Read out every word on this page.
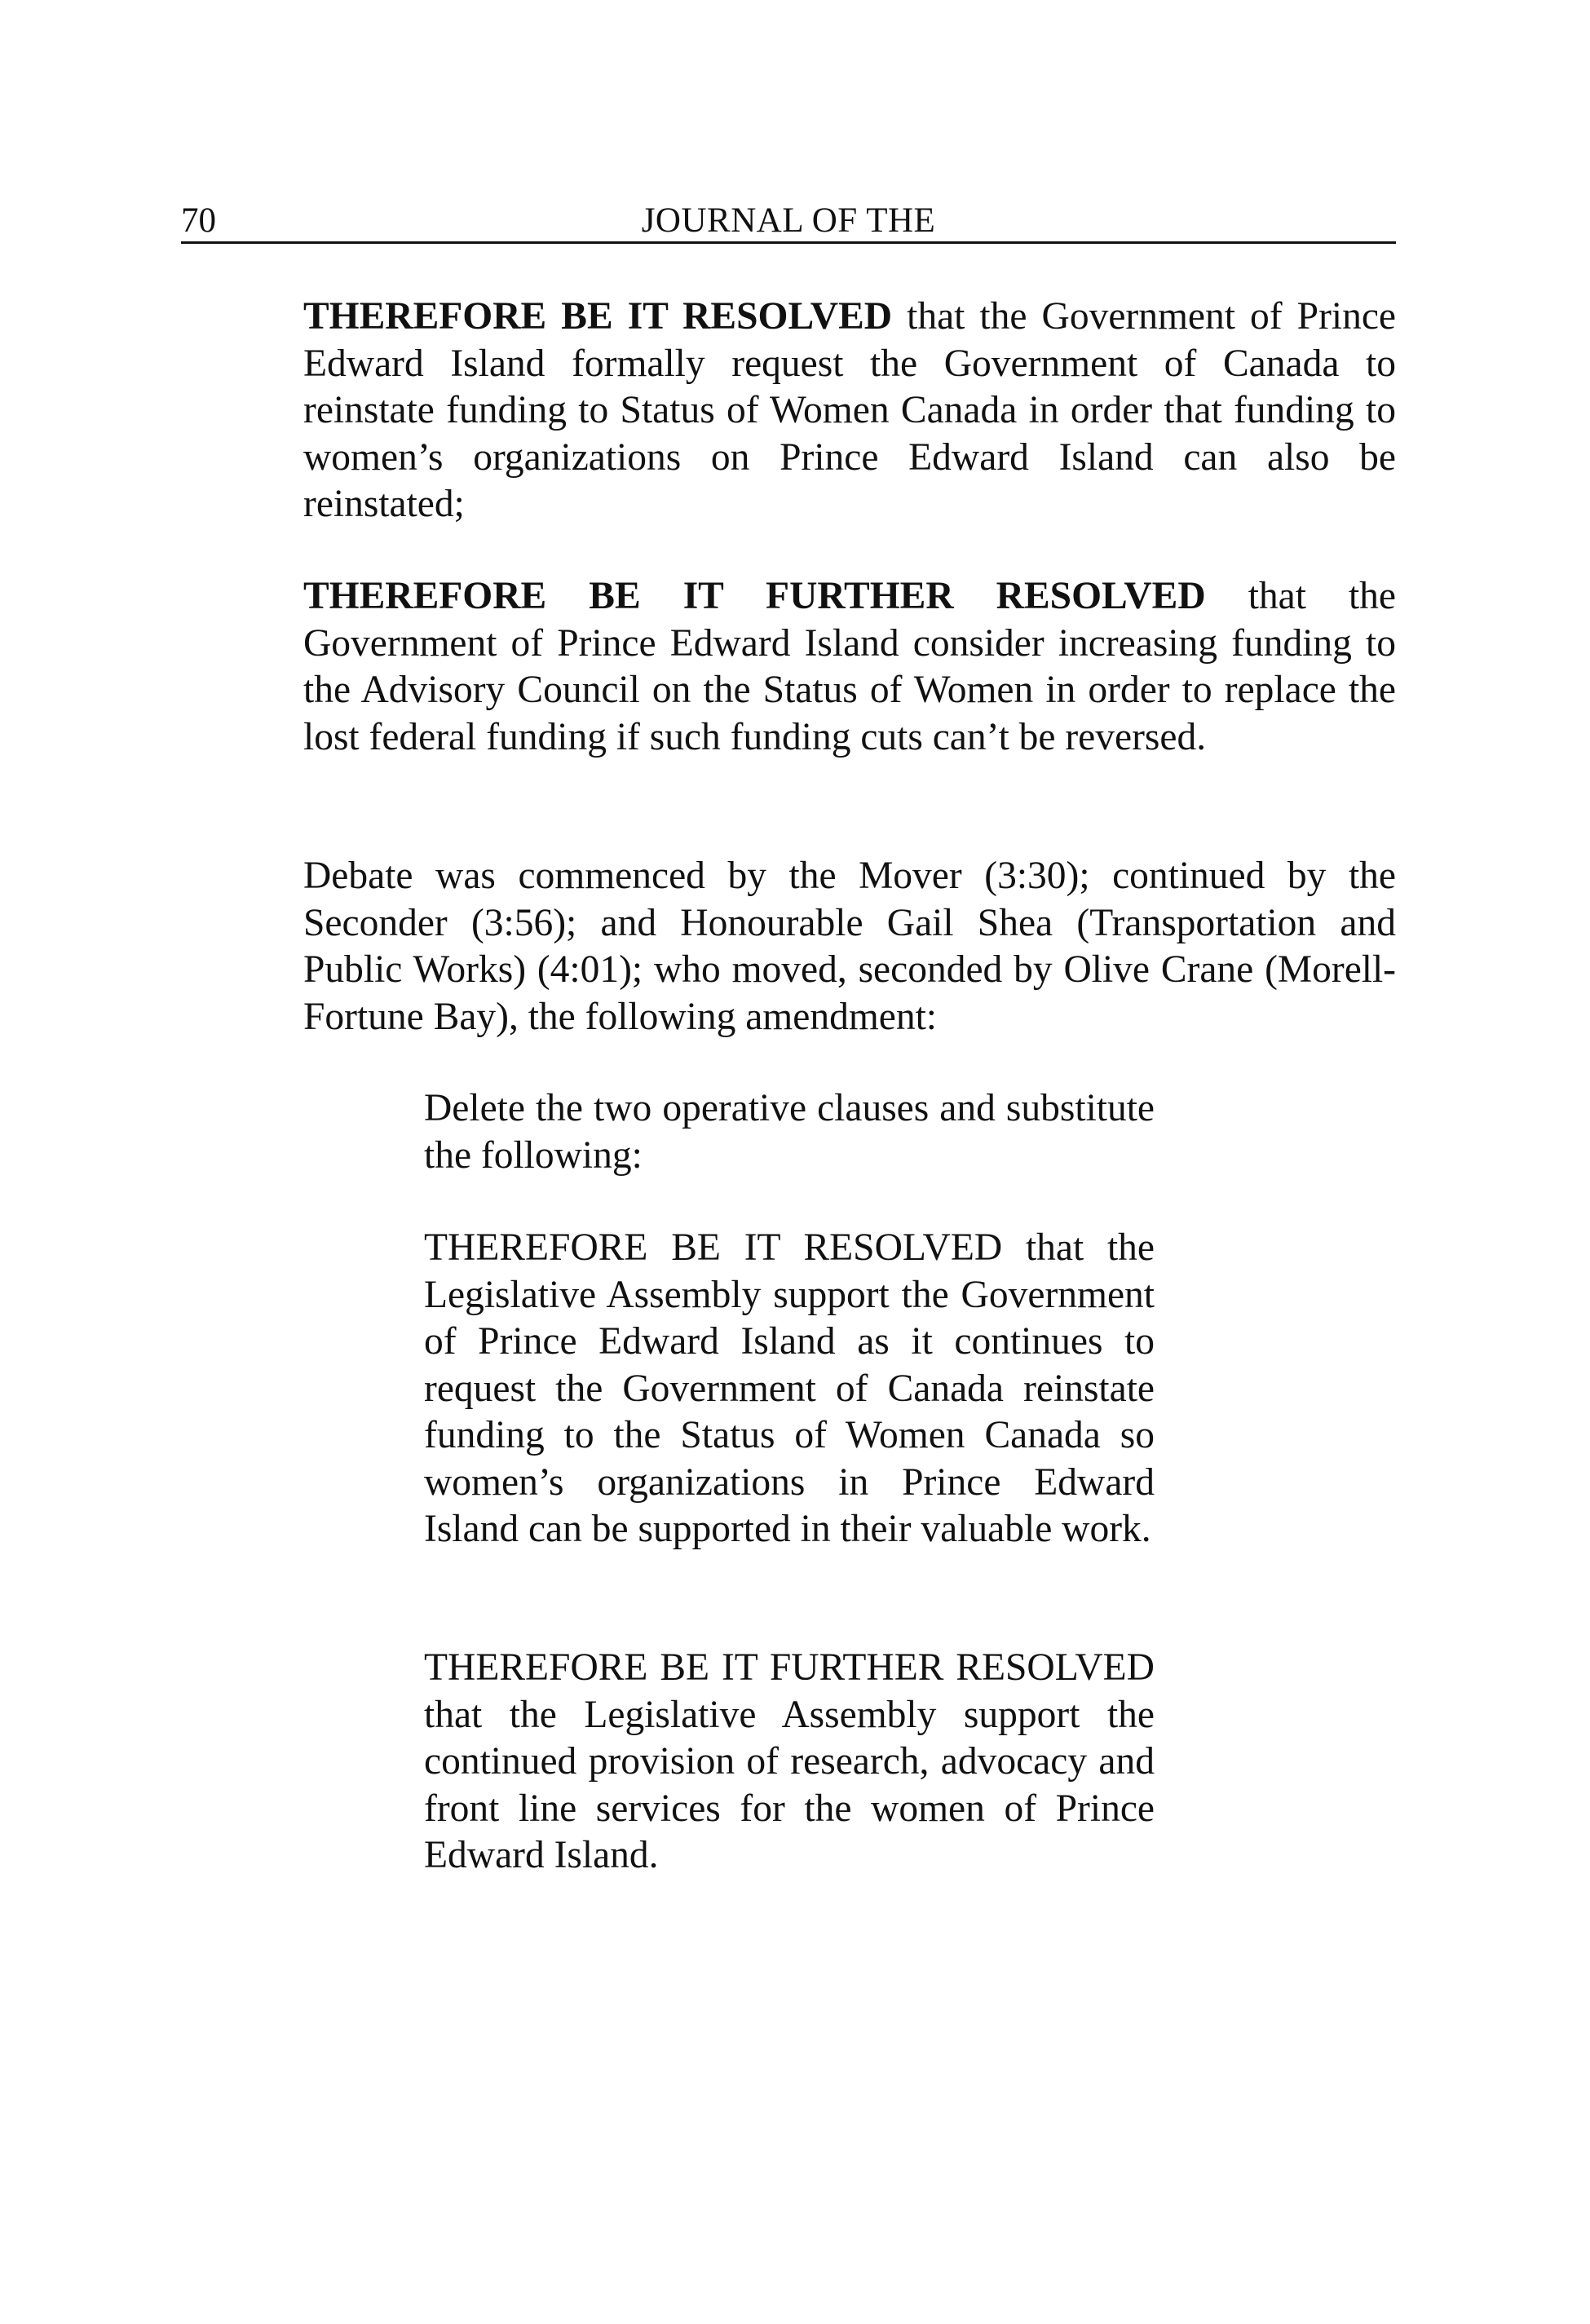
70	JOURNAL OF THE

THEREFORE BE IT RESOLVED that the Government of Prince Edward Island formally request the Government of Canada to reinstate funding to Status of Women Canada in order that funding to women’s organizations on Prince Edward Island can also be reinstated;

THEREFORE BE IT FURTHER RESOLVED that the Government of Prince Edward Island consider increasing funding to the Advisory Council on the Status of Women in order to replace the lost federal funding if such funding cuts can’t be reversed.

Debate was commenced by the Mover (3:30); continued by the Seconder (3:56); and Honourable Gail Shea (Transportation and Public Works) (4:01); who moved, seconded by Olive Crane (Morell-Fortune Bay), the following amendment:

Delete the two operative clauses and substitute the following:

THEREFORE BE IT RESOLVED that the Legislative Assembly support the Government of Prince Edward Island as it continues to request the Government of Canada reinstate funding to the Status of Women Canada so women’s organizations in Prince Edward Island can be supported in their valuable work.

THEREFORE BE IT FURTHER RESOLVED that the Legislative Assembly support the continued provision of research, advocacy and front line services for the women of Prince Edward Island.
